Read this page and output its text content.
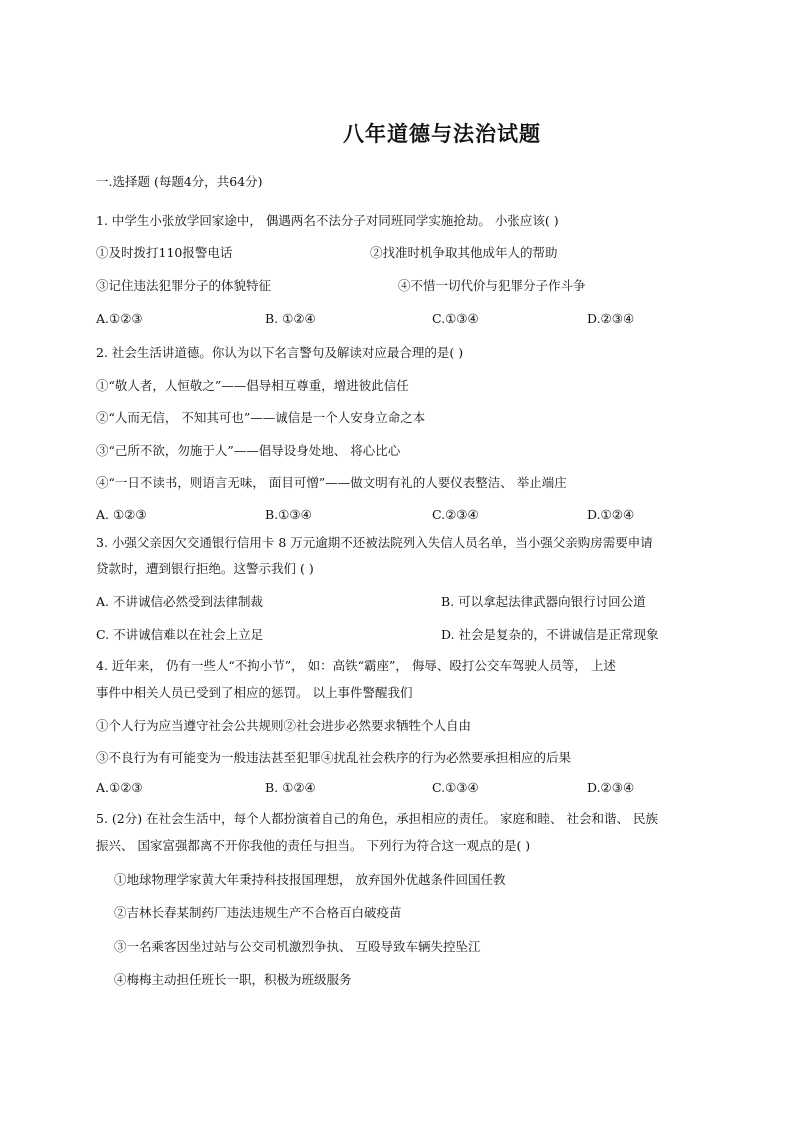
八年道德与法治试题
一.选择题 (每题4分，共64分)
1. 中学生小张放学回家途中， 偶遇两名不法分子对同班同学实施抢劫。 小张应该( )
①及时拨打110报警电话	②找准时机争取其他成年人的帮助
③记住违法犯罪分子的体貌特征	④不惜一切代价与犯罪分子作斗争
A.①②③	B. ①②④	C.①③④	D.②③④
2. 社会生活讲道德。你认为以下名言警句及解读对应最合理的是( )
①“敬人者，人恒敬之”——倡导相互尊重，增进彼此信任
②“人而无信， 不知其可也”——诚信是一个人安身立命之本
③“己所不欲，勿施于人”——倡导设身处地、 将心比心
④“一日不读书，则语言无味， 面目可憎”——做文明有礼的人要仪表整洁、 举止端庄
A. ①②③	B.①③④	C.②③④	D.①②④
3. 小强父亲因欠交通银行信用卡 8 万元逾期不还被法院列入失信人员名单，当小强父亲购房需要申请
贷款时，遭到银行拒绝。这警示我们 ( )
A. 不讲诚信必然受到法律制裁	B. 可以拿起法律武器向银行讨回公道
C. 不讲诚信难以在社会上立足	D. 社会是复杂的，不讲诚信是正常现象
4. 近年来， 仍有一些人“不拘小节”， 如：高铁“霸座”， 侮辱、殴打公交车驾驶人员等， 上述
事件中相关人员已受到了相应的惩罚。 以上事件警醒我们
①个人行为应当遵守社会公共规则②社会进步必然要求牺牲个人自由
③不良行为有可能变为一般违法甚至犯罪④扰乱社会秩序的行为必然要承担相应的后果
A.①②③	B. ①②④	C.①③④	D.②③④
5. (2分) 在社会生活中，每个人都扮演着自己的角色，承担相应的责任。 家庭和睦、 社会和谐、 民族
振兴、 国家富强都离不开你我他的责任与担当。 下列行为符合这一观点的是( )
①地球物理学家黄大年秉持科技报国理想， 放弃国外优越条件回国任教
②吉林长春某制药厂违法违规生产不合格百白破疫苗
③一名乘客因坐过站与公交司机激烈争执、 互殴导致车辆失控坠江
④梅梅主动担任班长一职，积极为班级服务
